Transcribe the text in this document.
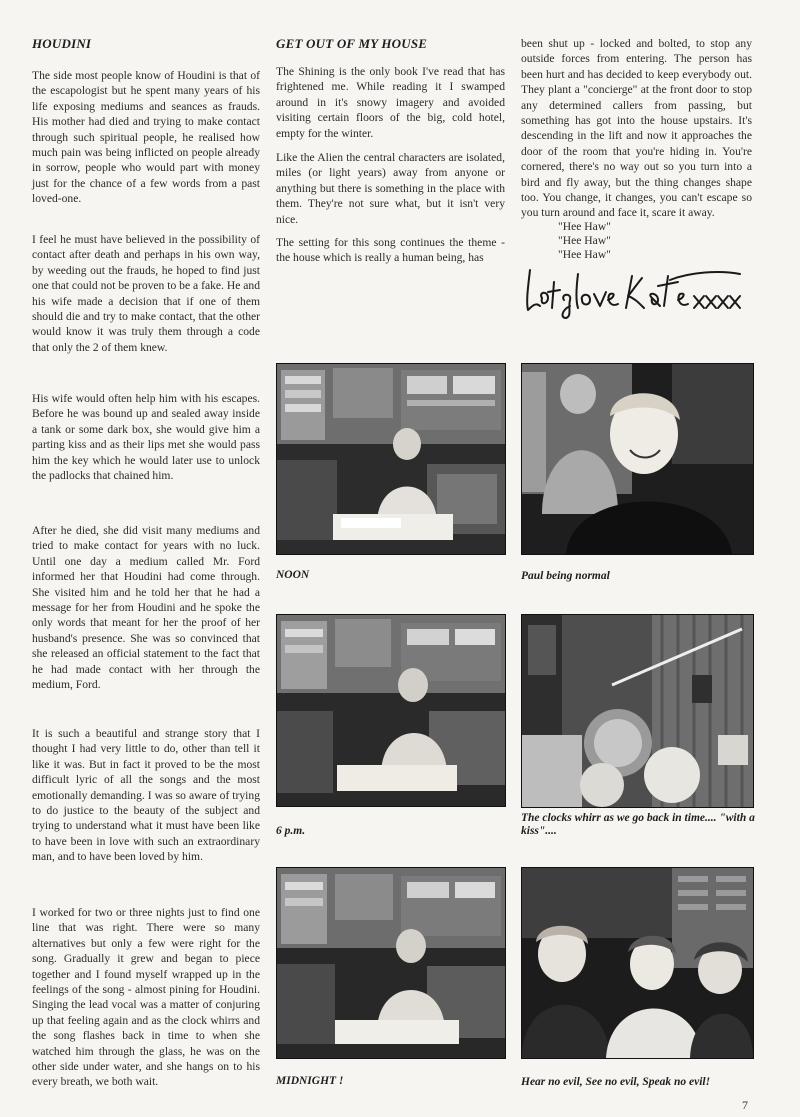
HOUDINI

The side most people know of Houdini is that of the escapologist but he spent many years of his life exposing mediums and seances as frauds. His mother had died and trying to make contact through such spiritual people, he realised how much pain was being inflicted on people already in sorrow, people who would part with money just for the chance of a few words from a past loved-one.

I feel he must have believed in the possibility of contact after death and perhaps in his own way, by weeding out the frauds, he hoped to find just one that could not be proven to be a fake. He and his wife made a decision that if one of them should die and try to make contact, that the other would know it was truly them through a code that only the 2 of them knew.

His wife would often help him with his escapes. Before he was bound up and sealed away inside a tank or some dark box, she would give him a parting kiss and as their lips met she would pass him the key which he would later use to unlock the padlocks that chained him.

After he died, she did visit many mediums and tried to make contact for years with no luck. Until one day a medium called Mr. Ford informed her that Houdini had come through. She visited him and he told her that he had a message for her from Houdini and he spoke the only words that meant for her the proof of her husband's presence. She was so convinced that she released an official statement to the fact that he had made contact with her through the medium, Ford.

It is such a beautiful and strange story that I thought I had very little to do, other than tell it like it was. But in fact it proved to be the most difficult lyric of all the songs and the most emotionally demanding. I was so aware of trying to do justice to the beauty of the subject and trying to understand what it must have been like to have been in love with such an extraordinary man, and to have been loved by him.

I worked for two or three nights just to find one line that was right. There were so many alternatives but only a few were right for the song. Gradually it grew and began to piece together and I found myself wrapped up in the feelings of the song - almost pining for Houdini. Singing the lead vocal was a matter of conjuring up that feeling again and as the clock whirrs and the song flashes back in time to when she watched him through the glass, he was on the other side under water, and she hangs on to his every breath, we both wait.

GET OUT OF MY HOUSE

The Shining is the only book I've read that has frightened me. While reading it I swamped around in it's snowy imagery and avoided visiting certain floors of the big, cold hotel, empty for the winter.

Like the Alien the central characters are isolated, miles (or light years) away from anyone or anything but there is something in the place with them. They're not sure what, but it isn't very nice.

The setting for this song continues the theme - the house which is really a human being, has

been shut up - locked and bolted, to stop any outside forces from entering. The person has been hurt and has decided to keep everybody out. They plant a "concierge" at the front door to stop any determined callers from passing, but something has got into the house upstairs. It's descending in the lift and now it approaches the door of the room that you're hiding in. You're cornered, there's no way out so you turn into a bird and fly away, but the thing changes shape too. You change, it changes, you can't escape so you turn around and face it, scare it away.

"Hee Haw"
"Hee Haw"
"Hee Haw"
NOON	Paul being normal
6 p.m.
The clocks whirr as we go back in time.... "with a kiss"....
MIDNIGHT !	Hear no evil, See no evil, Speak no evil!
7
